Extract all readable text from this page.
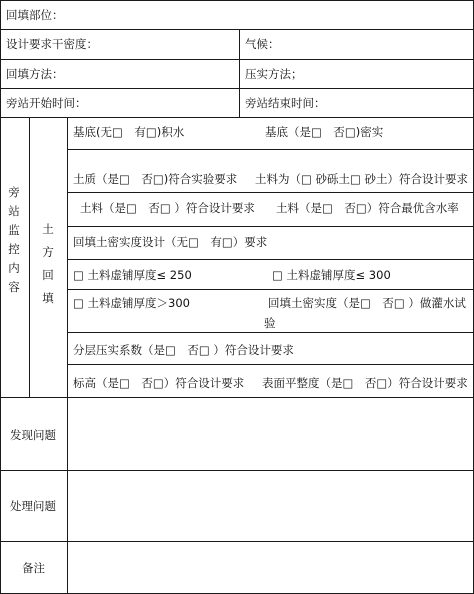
回填部位：
设计要求干密度：	气候：
回填方法：	压实方法；
旁站开始时间：	旁站结束时间：
旁站监控内容
土方回填
基底(无□　有□)积水	基底（是□　否□)密实
土质（是□　否□)符合实验要求 土料为（□ 砂砾土□ 砂土）符合设计要求
土料（是□　否□ ）符合设计要求 土料（是□　否□）符合最优含水率
回填土密实度设计（无□　有□）要求
□ 土料虚铺厚度≤ 250	□ 土料虚铺厚度≤ 300
□ 土料虚铺厚度＞300	回填土密实度（是□　否□ ）做灌水试
验
分层压实系数（是□　否□ ）符合设计要求
标高（是□　否□）符合设计要求 表面平整度（是□　否□）符合设计要求
发现问题
处理问题
备注
